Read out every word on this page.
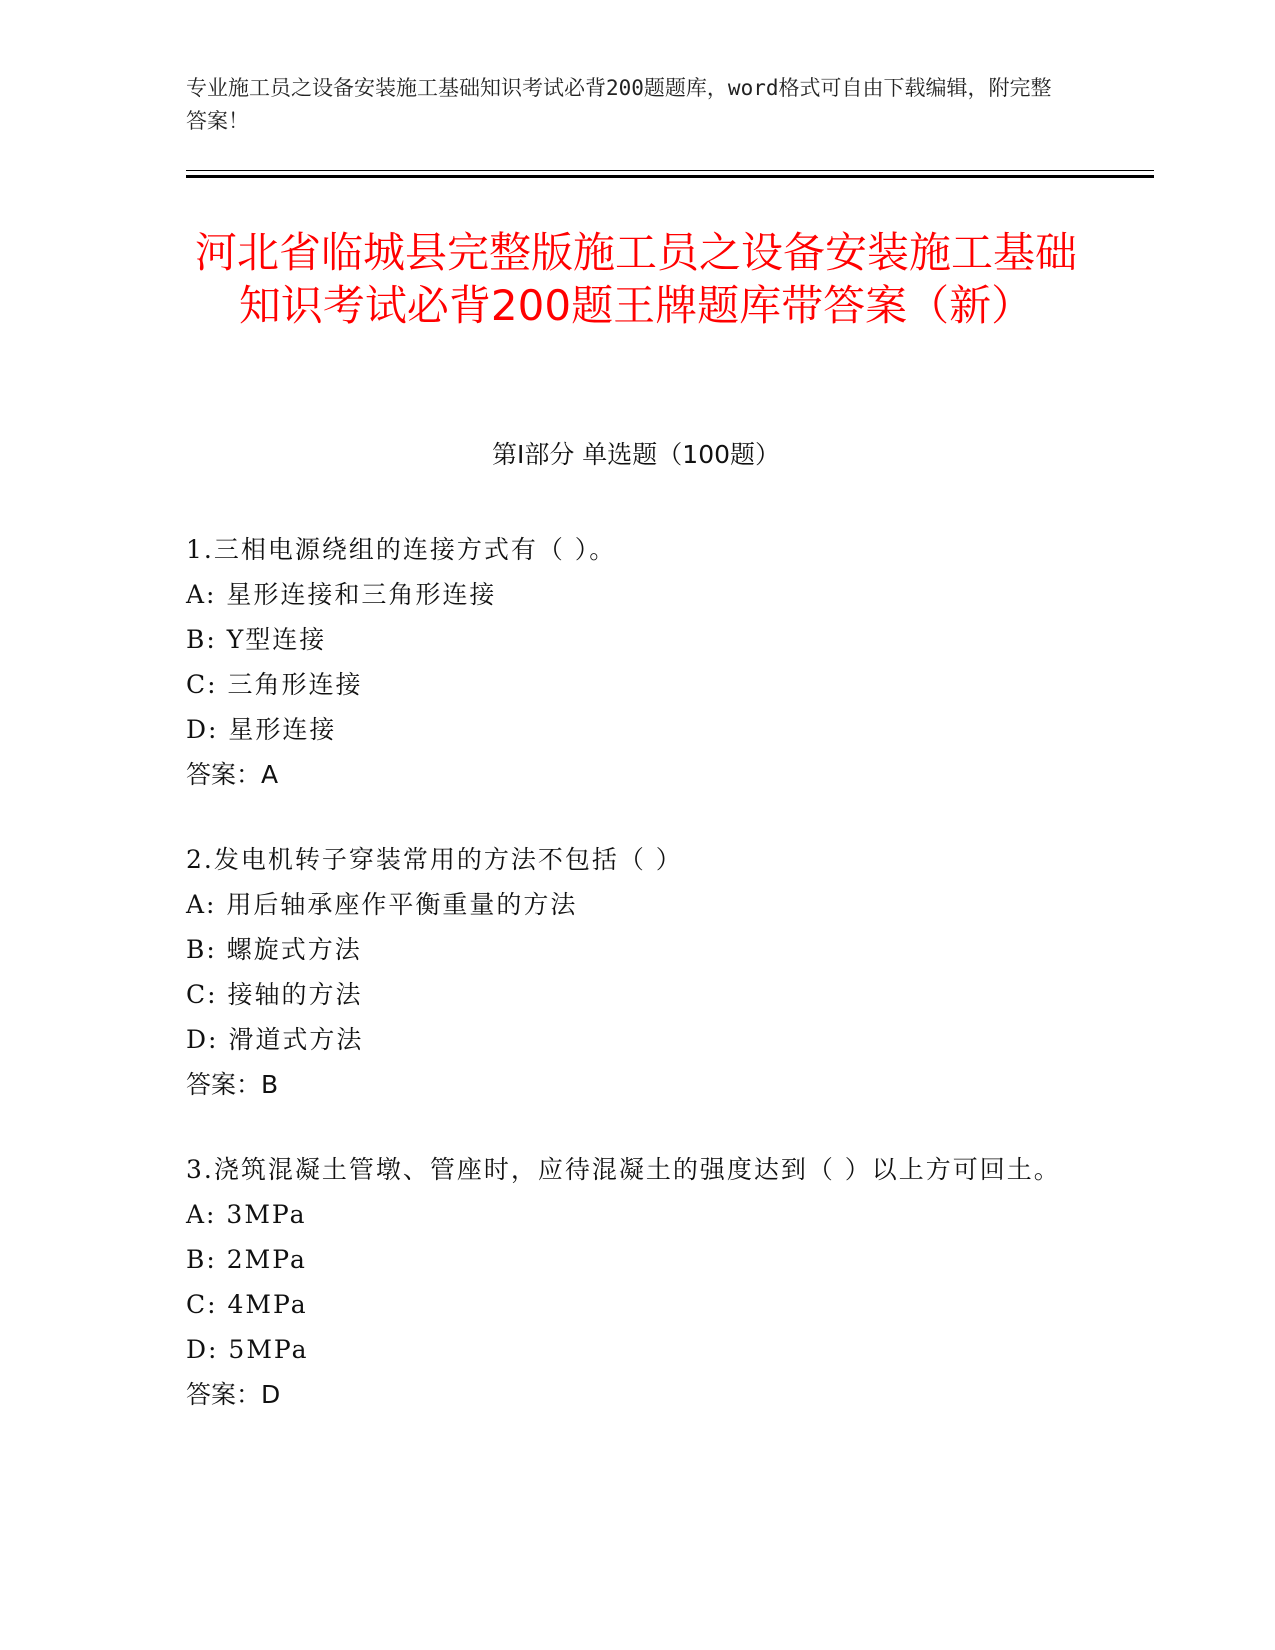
专业施工员之设备安装施工基础知识考试必背200题题库，word格式可自由下载编辑，附完整答案！
河北省临城县完整版施工员之设备安装施工基础知识考试必背200题王牌题库带答案（新）
第I部分 单选题（100题）

1.三相电源绕组的连接方式有（ ）。

A: 星形连接和三角形连接

B: Y型连接

C: 三角形连接

D: 星形连接

答案：A

2.发电机转子穿装常用的方法不包括（ ）

A: 用后轴承座作平衡重量的方法

B: 螺旋式方法

C: 接轴的方法

D: 滑道式方法

答案：B

3.浇筑混凝土管墩、管座时，应待混凝土的强度达到（ ）以上方可回土。

A: 3MPa

B: 2MPa

C: 4MPa

D: 5MPa

答案：D
